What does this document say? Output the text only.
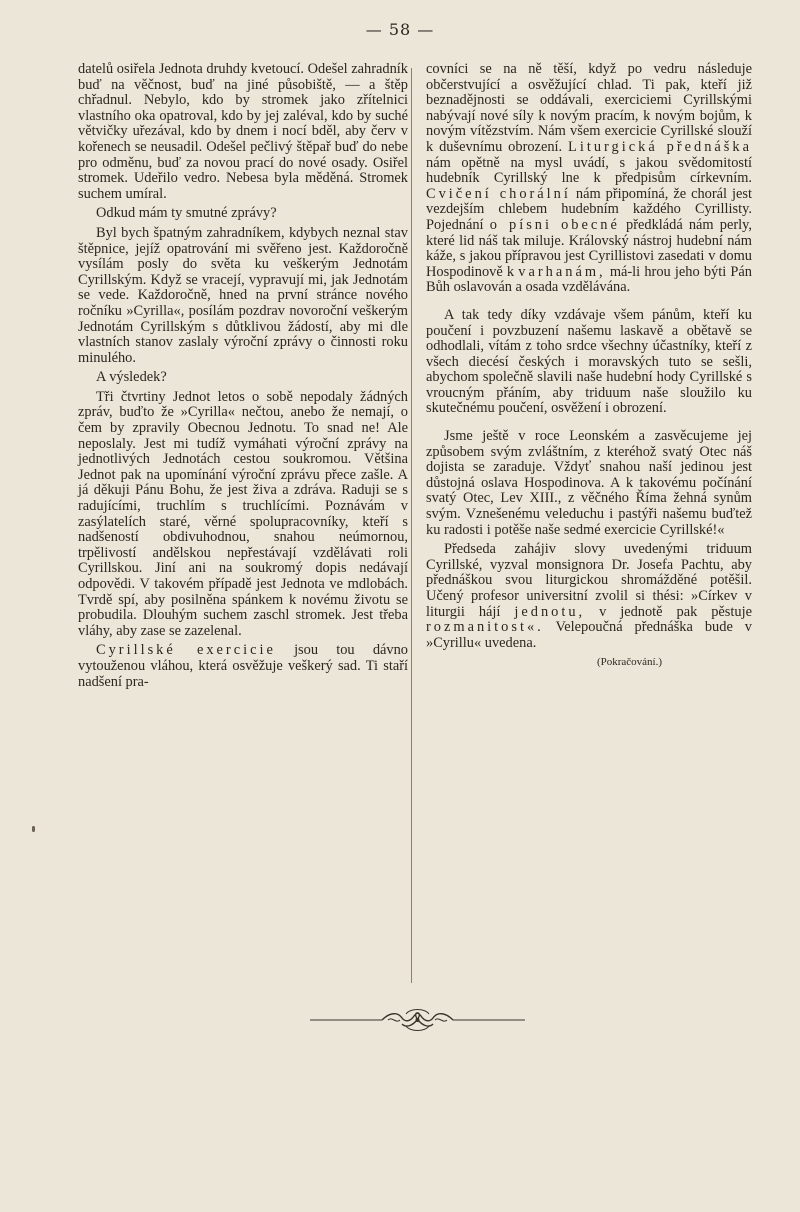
— 58 —

datelů osiřela Jednota druhdy kvetoucí. Odešel zahradník buď na věčnost, buď na jiné působiště, — a štěp chřadnul. Nebylo, kdo by stromek jako zřítelnici vlastního oka opatroval, kdo by jej zaléval, kdo by suché větvičky uřezával, kdo by dnem i nocí bděl, aby červ v kořenech se neusadil. Odešel pečlivý štěpař buď do nebe pro odměnu, buď za novou prací do nové osady. Osiřel stromek. Udeřilo vedro. Nebesa byla měděná. Stromek suchem umíral.

Odkud mám ty smutné zprávy?

Byl bych špatným zahradníkem, kdybych neznal stav štěpnice, jejíž opatrování mi svěřeno jest. Každoročně vysílám posly do světa ku veškerým Jednotám Cyrillským. Když se vracejí, vypravují mi, jak Jednotám se vede. Každoročně, hned na první stránce nového ročníku »Cyrilla«, posílám pozdrav novoroční veškerým Jednotám Cyrillským s důtklivou žádostí, aby mi dle vlastních stanov zaslaly výroční zprávy o činnosti roku minulého.

A výsledek?

Tři čtvrtiny Jednot letos o sobě nepodaly žádných zpráv, buďto že »Cyrilla« nečtou, anebo že nemají, o čem by zpravily Obecnou Jednotu. To snad ne! Ale neposlaly. Jest mi tudíž vymáhati výroční zprávy na jednotlivých Jednotách cestou soukromou. Většina Jednot pak na upomínání výroční zprávu přece zašle. A já děkuji Pánu Bohu, že jest živa a zdráva. Raduji se s radujícími, truchlím s truchlícími. Poznávám v zasýlatelích staré, věrné spolupracovníky, kteří s nadšeností obdivuhodnou, snahou neúmornou, trpělivostí andělskou nepřestávají vzdělávati roli Cyrillskou. Jiní ani na soukromý dopis nedávají odpovědi. V takovém případě jest Jednota ve mdlobách. Tvrdě spí, aby posilněna spánkem k novému životu se probudila. Dlouhým suchem zaschl stromek. Jest třeba vláhy, aby zase se zazelenal.

Cyrillské exercicie jsou tou dávno vytouženou vláhou, která osvěžuje veškerý sad. Ti staří nadšení pra-

covníci se na ně těší, když po vedru následuje občerstvující a osvěžující chlad. Ti pak, kteří již beznadějnosti se oddávali, exerciciemi Cyrillskými nabývají nové síly k novým pracím, k novým bojům, k novým vítězstvím. Nám všem exercicie Cyrillské slouží k duševnímu obrození. Liturgická přednáška nám opětně na mysl uvádí, s jakou svědomitostí hudebník Cyrillský lne k předpisům církevním. Cvičení chorální nám připomíná, že chorál jest vezdejším chlebem hudebním každého Cyrillisty. Pojednání o písni obecné předkládá nám perly, které lid náš tak miluje. Královský nástroj hudební nám káže, s jakou přípravou jest Cyrillistovi zasedati v domu Hospodinově k varhanám, má-li hrou jeho býti Pán Bůh oslavován a osada vzdělávána.

A tak tedy díky vzdávaje všem pánům, kteří ku poučení i povzbuzení našemu laskavě a obětavě se odhodlali, vítám z toho srdce všechny účastníky, kteří z všech diecésí českých i moravských tuto se sešli, abychom společně slavili naše hudební hody Cyrillské s vroucným přáním, aby triduum naše sloužilo ku skutečnému poučení, osvěžení i obrození.

Jsme ještě v roce Leonském a zasvěcujeme jej způsobem svým zvláštním, z kteréhož svatý Otec náš dojista se zaraduje. Vždyť snahou naší jedinou jest důstojná oslava Hospodinova. A k takovému počínání svatý Otec, Lev XIII., z věčného Říma žehná synům svým. Vznešenému veleduchu i pastýři našemu buďtež ku radosti i potěše naše sedmé exercicie Cyrillské!«

Předseda zahájiv slovy uvedenými triduum Cyrillské, vyzval monsignora Dr. Josefa Pachtu, aby přednáškou svou liturgickou shromážděné potěšil. Učený profesor universitní zvolil si thési: »Církev v liturgii hájí jednotu, v jednotě pak pěstuje rozmanitost«. Velepoučná přednáška bude v »Cyrillu« uvedena.

(Pokračování.)
